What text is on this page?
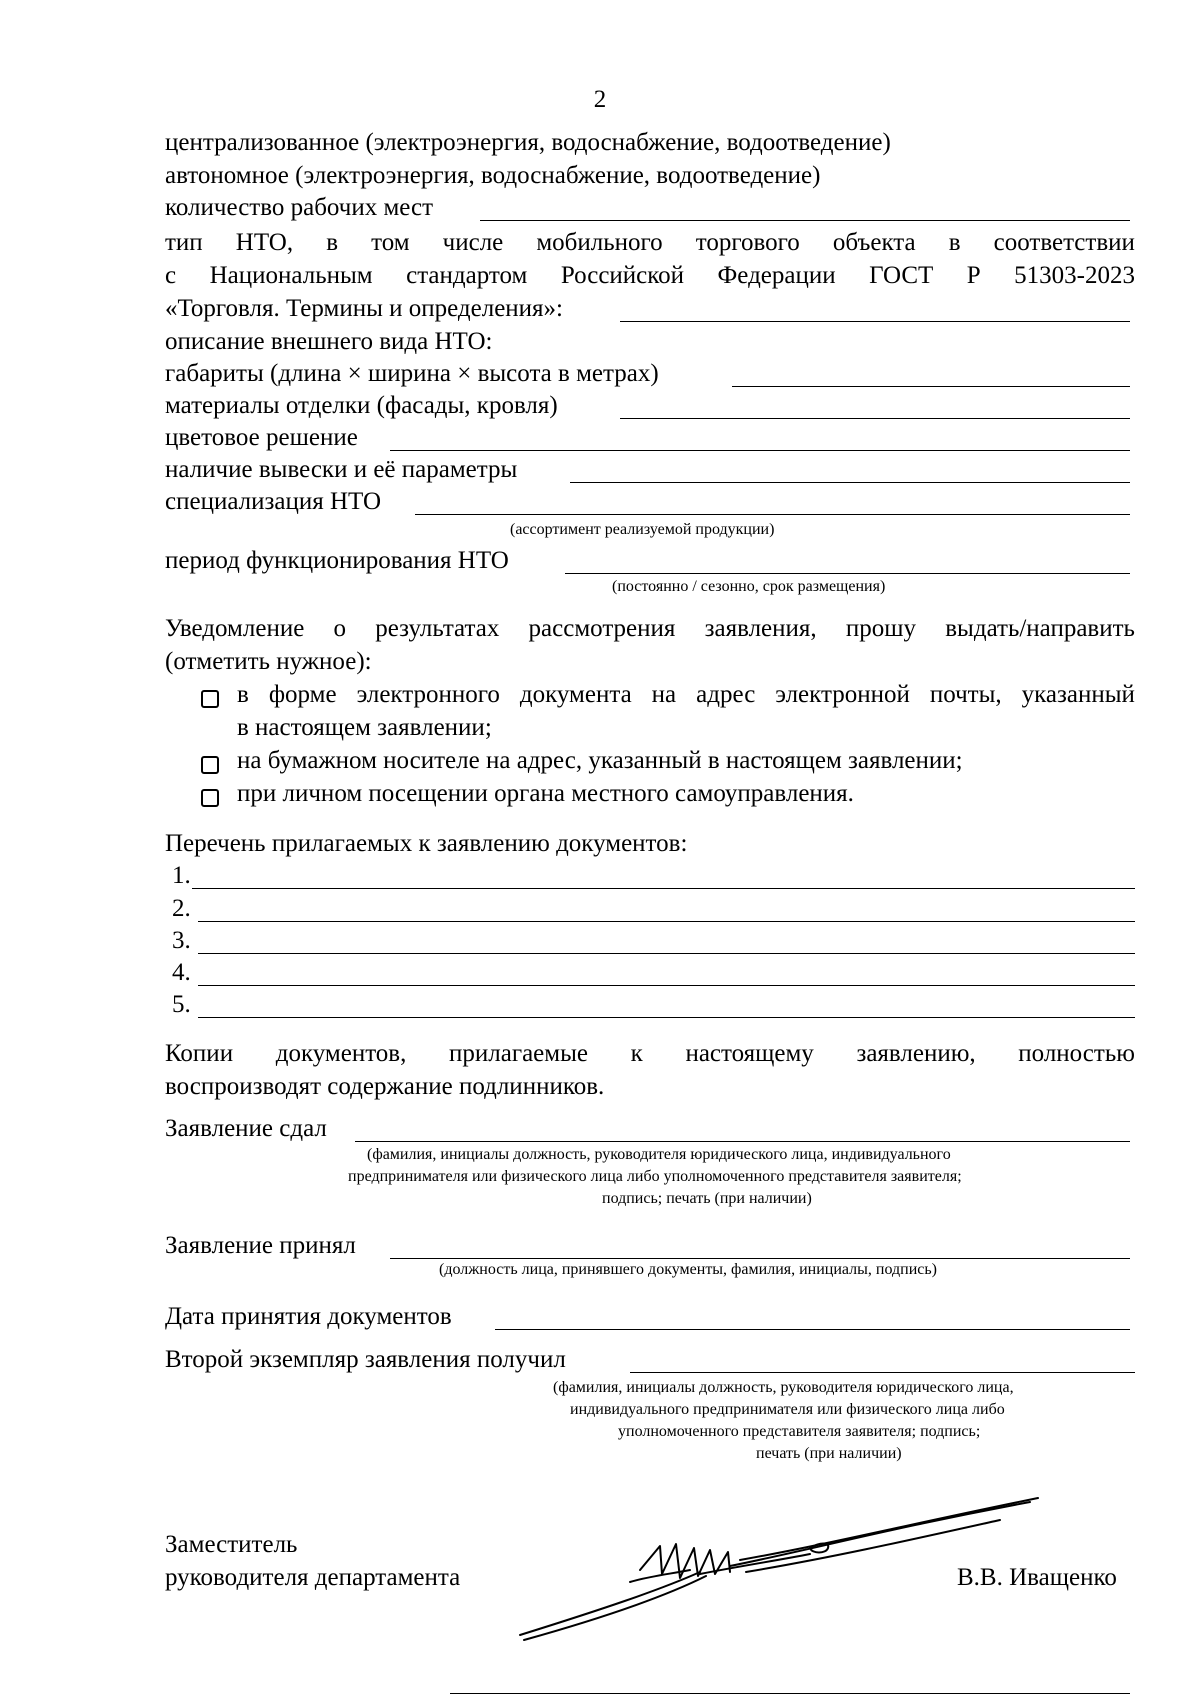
2
централизованное (электроэнергия, водоснабжение, водоотведение)
автономное (электроэнергия, водоснабжение, водоотведение)
количество рабочих мест
тип НТО, в том числе мобильного торгового объекта в соответствии
с Национальным стандартом Российской Федерации ГОСТ Р 51303-2023
«Торговля. Термины и определения»:
описание внешнего вида НТО:
габариты (длина × ширина × высота в метрах)
материалы отделки (фасады, кровля)
цветовое решение
наличие вывески и её параметры
специализация НТО
(ассортимент реализуемой продукции)
период функционирования НТО
(постоянно / сезонно, срок размещения)
Уведомление о результатах рассмотрения заявления, прошу выдать/направить
(отметить нужное):
в форме электронного документа на адрес электронной почты, указанный
в настоящем заявлении;
на бумажном носителе на адрес, указанный в настоящем заявлении;
при личном посещении органа местного самоуправления.
Перечень прилагаемых к заявлению документов:
1.
2.
3.
4.
5.
Копии документов, прилагаемые к настоящему заявлению, полностью
воспроизводят содержание подлинников.
Заявление сдал
(фамилия, инициалы должность, руководителя юридического лица, индивидуального
предпринимателя или физического лица либо уполномоченного представителя заявителя;
подпись; печать (при наличии)
Заявление принял
(должность лица, принявшего документы, фамилия, инициалы, подпись)
Дата принятия документов
Второй экземпляр заявления получил
(фамилия, инициалы должность, руководителя юридического лица,
индивидуального предпринимателя или физического лица либо
уполномоченного представителя заявителя; подпись;
печать (при наличии)
Заместитель
руководителя департамента	В.В. Иващенко
